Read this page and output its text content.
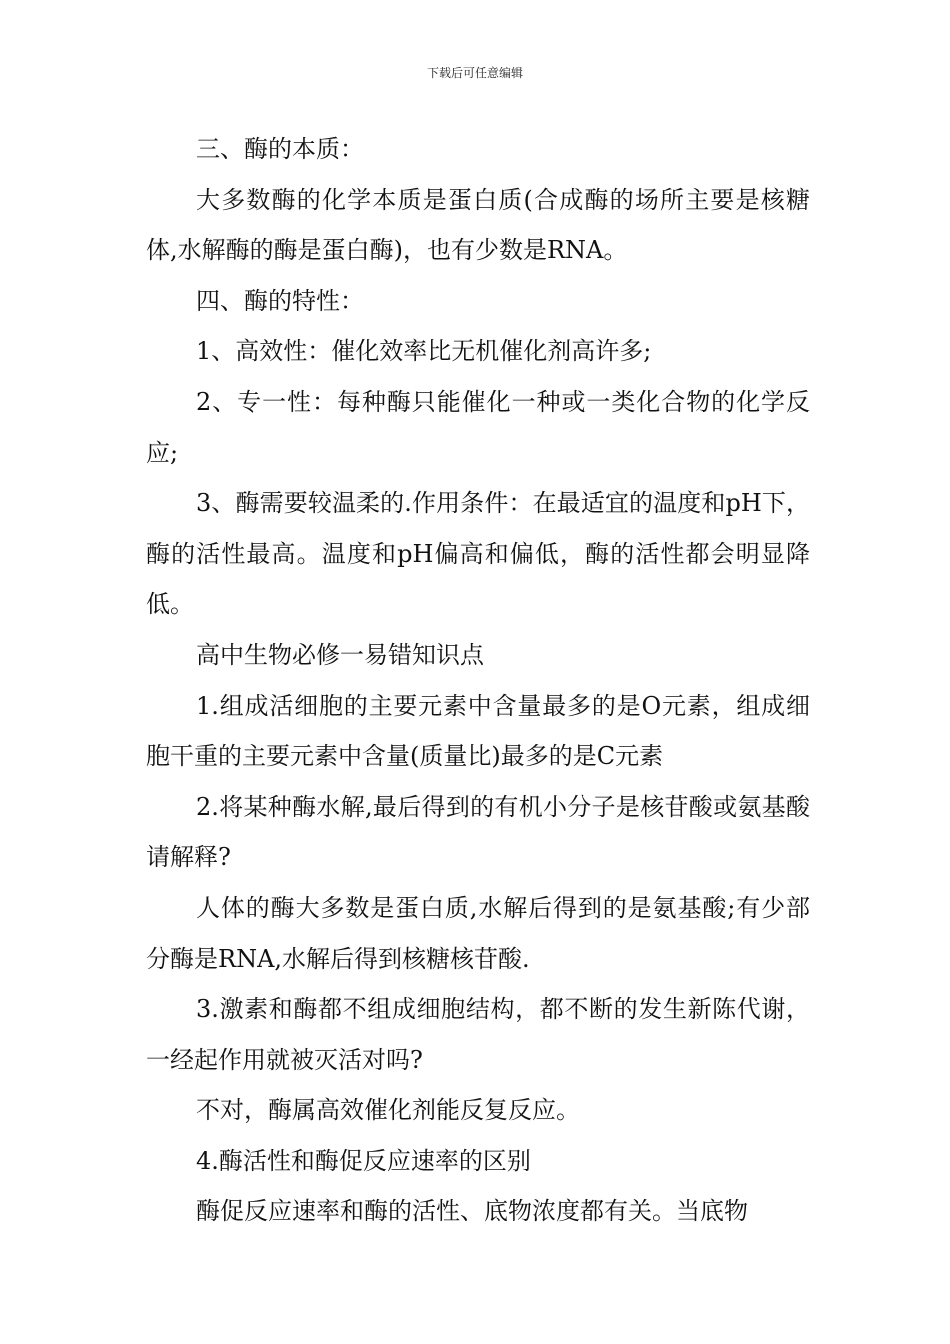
下载后可任意编辑

三、酶的本质：

大多数酶的化学本质是蛋白质(合成酶的场所主要是核糖体,水解酶的酶是蛋白酶)，也有少数是RNA。

四、酶的特性：

1、高效性：催化效率比无机催化剂高许多;

2、专一性：每种酶只能催化一种或一类化合物的化学反应;

3、酶需要较温柔的.作用条件：在最适宜的温度和pH下，酶的活性最高。温度和pH偏高和偏低，酶的活性都会明显降低。

高中生物必修一易错知识点

1.组成活细胞的主要元素中含量最多的是O元素，组成细胞干重的主要元素中含量(质量比)最多的是C元素

2.将某种酶水解,最后得到的有机小分子是核苷酸或氨基酸请解释?

人体的酶大多数是蛋白质,水解后得到的是氨基酸;有少部分酶是RNA,水解后得到核糖核苷酸.

3.激素和酶都不组成细胞结构，都不断的发生新陈代谢，一经起作用就被灭活对吗?

不对，酶属高效催化剂能反复反应。

4.酶活性和酶促反应速率的区别

酶促反应速率和酶的活性、底物浓度都有关。当底物
